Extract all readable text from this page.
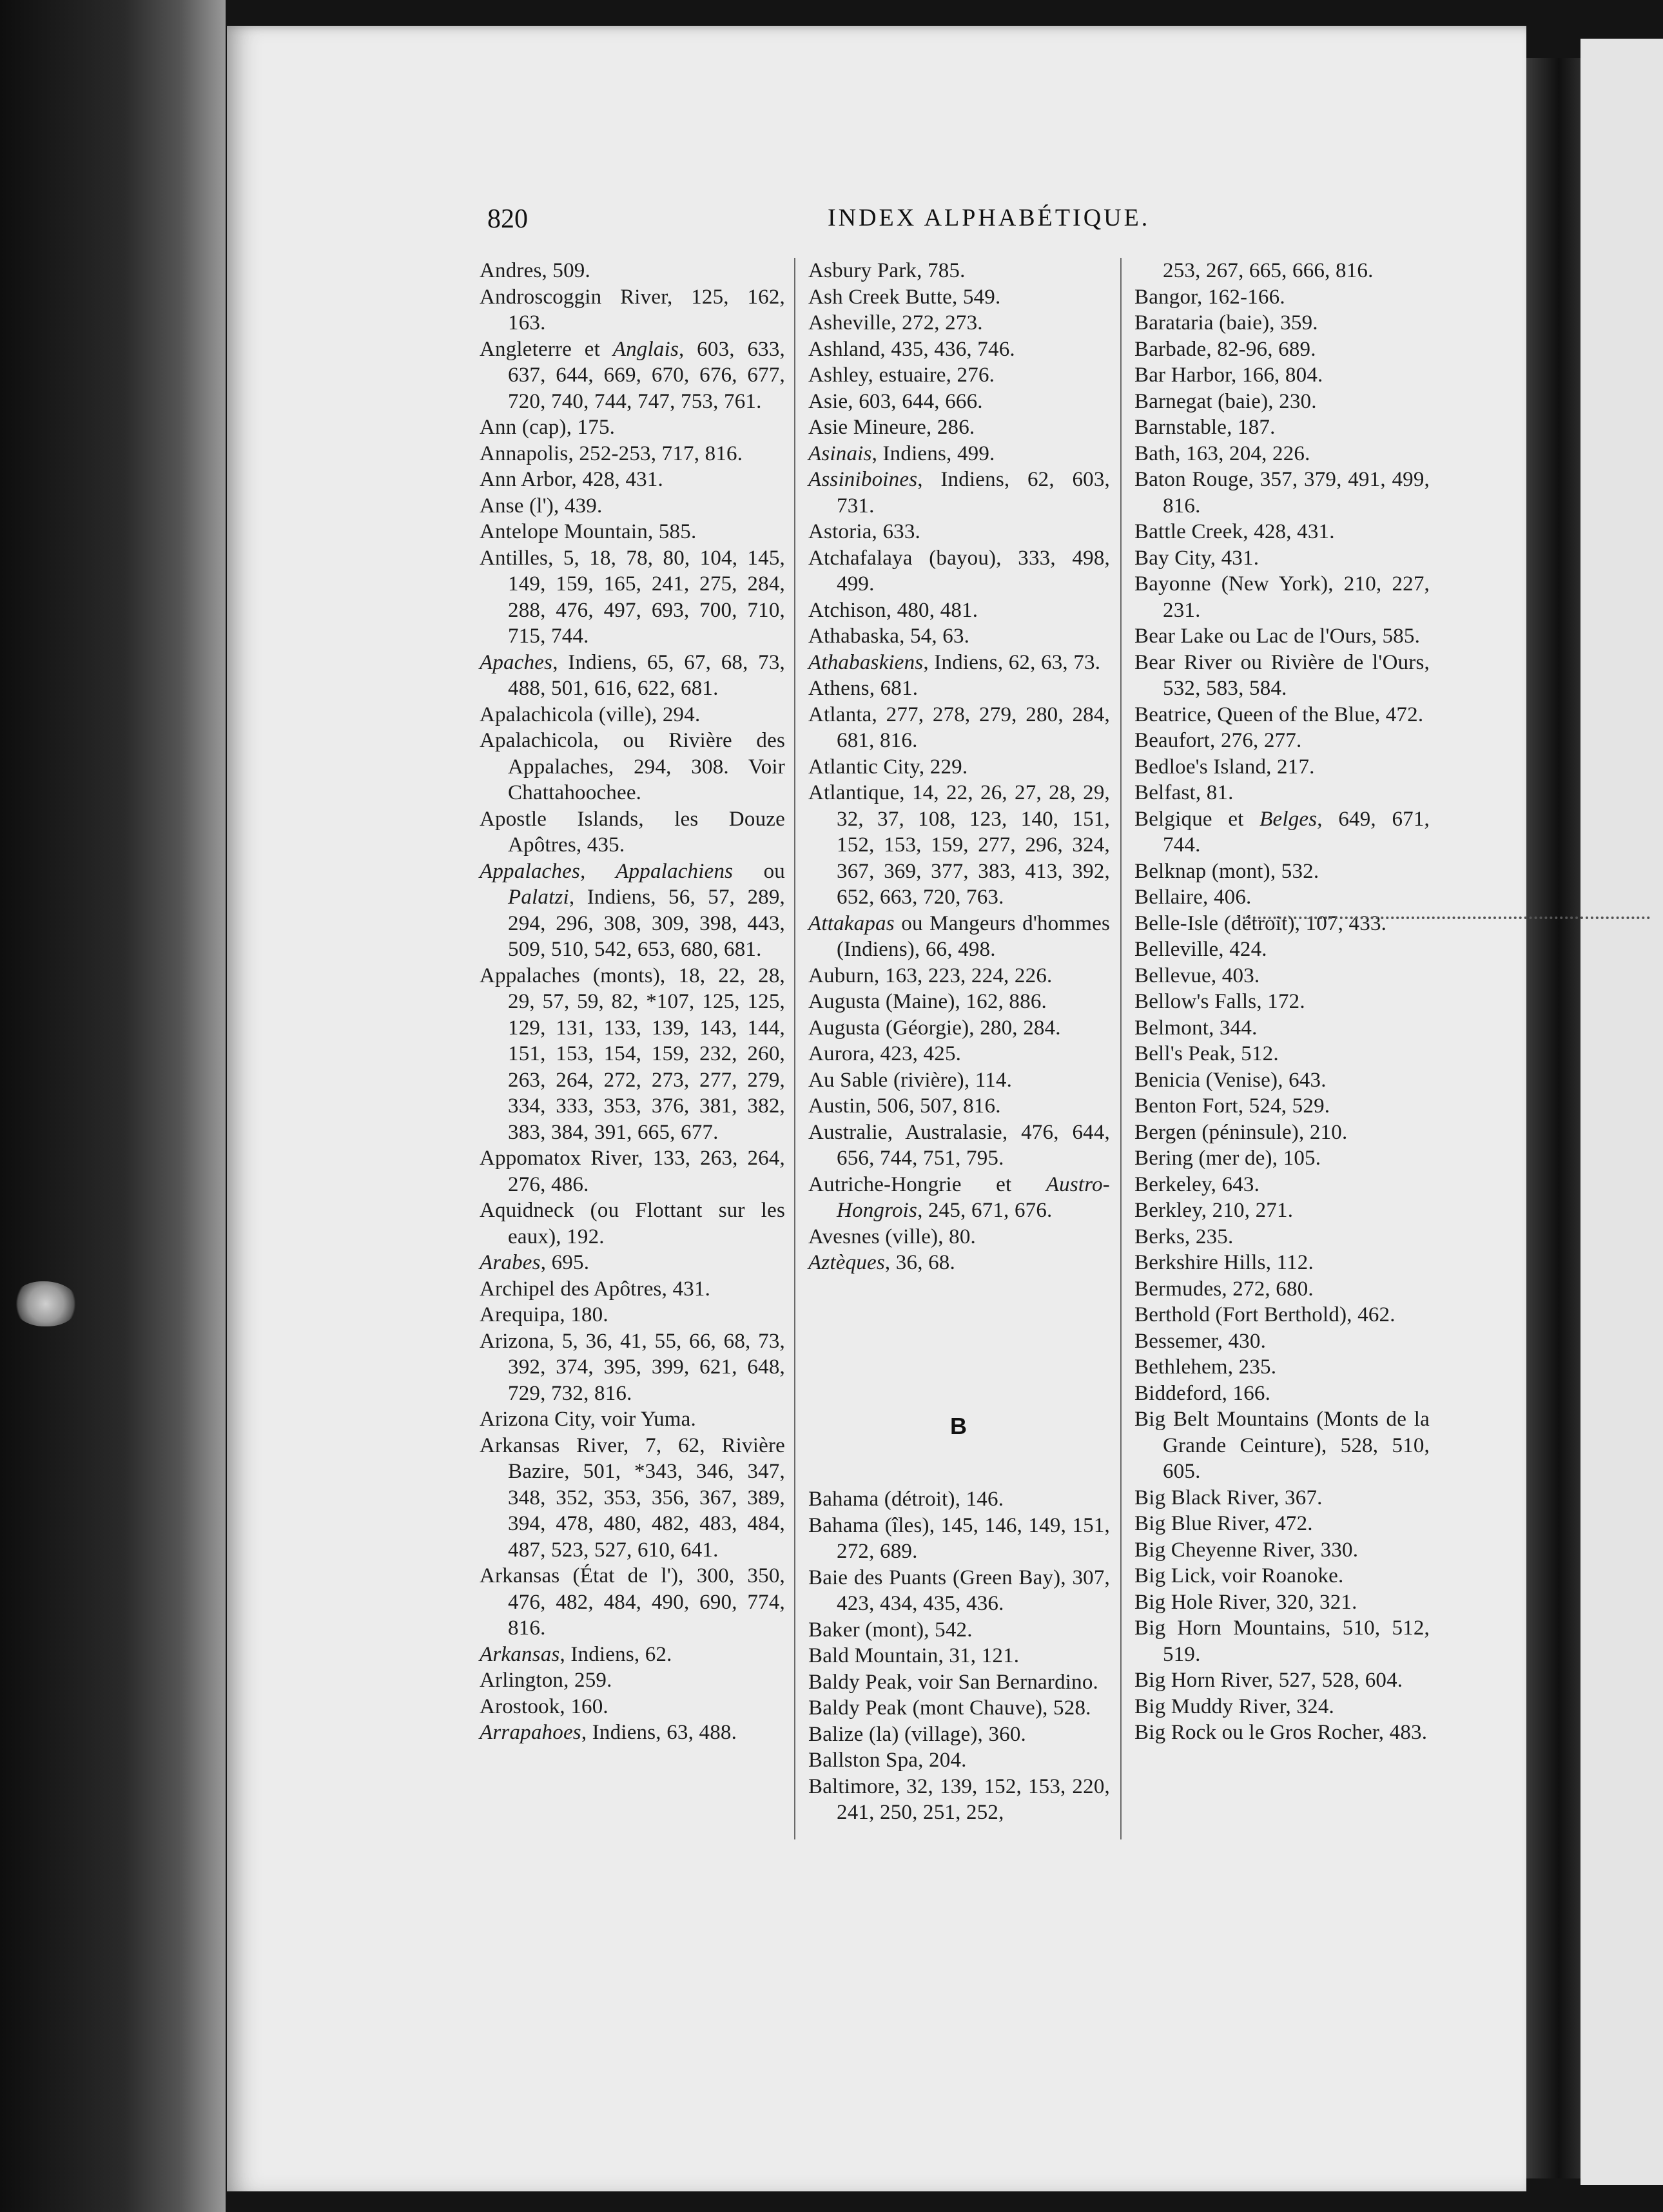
820	INDEX ALPHABÉTIQUE.
Andres, 509.
Androscoggin River, 125, 162, 163.
Angleterre et Anglais, 603, 633, 637, 644, 669, 670, 676, 677, 720, 740, 744, 747, 753, 761.
Ann (cap), 175.
Annapolis, 252-253, 717, 816.
Ann Arbor, 428, 431.
Anse (l'), 439.
Antelope Mountain, 585.
Antilles, 5, 18, 78, 80, 104, 145, 149, 159, 165, 241, 275, 284, 288, 476, 497, 693, 700, 710, 715, 744.
Apaches, Indiens, 65, 67, 68, 73, 488, 501, 616, 622, 681.
Apalachicola (ville), 294.
Apalachicola, ou Rivière des Appalaches, 294, 308. Voir Chattahoochee.
Apostle Islands, les Douze Apôtres, 435.
Appalaches, Appalachiens ou Palatzi, Indiens, 56, 57, 289, 294, 296, 308, 309, 398, 443, 509, 510, 542, 653, 680, 681.
Appalaches (monts), 18, 22, 28, 29, 57, 59, 82, *107, 125, 125, 129, 131, 133, 139, 143, 144, 151, 153, 154, 159, 232, 260, 263, 264, 272, 273, 277, 279, 334, 333, 353, 376, 381, 382, 383, 384, 391, 665, 677.
Appomatox River, 133, 263, 264, 276, 486.
Aquidneck (ou Flottant sur les eaux), 192.
Arabes, 695.
Archipel des Apôtres, 431.
Arequipa, 180.
Arizona, 5, 36, 41, 55, 66, 68, 73, 392, 374, 395, 399, 621, 648, 729, 732, 816.
Arizona City, voir Yuma.
Arkansas River, 7, 62, Rivière Bazire, 501, *343, 346, 347, 348, 352, 353, 356, 367, 389, 394, 478, 480, 482, 483, 484, 487, 523, 527, 610, 641.
Arkansas (État de l'), 300, 350, 476, 482, 484, 490, 690, 774, 816.
Arkansas, Indiens, 62.
Arlington, 259.
Arostook, 160.
Arrapahoes, Indiens, 63, 488.
Asbury Park, 785.
Ash Creek Butte, 549.
Asheville, 272, 273.
Ashland, 435, 436, 746.
Ashley, estuaire, 276.
Asie, 603, 644, 666.
Asie Mineure, 286.
Asinais, Indiens, 499.
Assiniboines, Indiens, 62, 603, 731.
Astoria, 633.
Atchafalaya (bayou), 333, 498, 499.
Atchison, 480, 481.
Athabaska, 54, 63.
Athabaskiens, Indiens, 62, 63, 73.
Athens, 681.
Atlanta, 277, 278, 279, 280, 284, 681, 816.
Atlantic City, 229.
Atlantique, 14, 22, 26, 27, 28, 29, 32, 37, 108, 123, 140, 151, 152, 153, 159, 277, 296, 324, 367, 369, 377, 383, 413, 392, 652, 663, 720, 763.
Attakapas ou Mangeurs d'hommes (Indiens), 66, 498.
Auburn, 163, 223, 224, 226.
Augusta (Maine), 162, 886.
Augusta (Géorgie), 280, 284.
Aurora, 423, 425.
Au Sable (rivière), 114.
Austin, 506, 507, 816.
Australie, Australasie, 476, 644, 656, 744, 751, 795.
Autriche-Hongrie et Austro-Hongrois, 245, 671, 676.
Avesnes (ville), 80.
Aztèques, 36, 68.
B
Bahama (détroit), 146.
Bahama (îles), 145, 146, 149, 151, 272, 689.
Baie des Puants (Green Bay), 307, 423, 434, 435, 436.
Baker (mont), 542.
Bald Mountain, 31, 121.
Baldy Peak, voir San Bernardino.
Baldy Peak (mont Chauve), 528.
Balize (la) (village), 360.
Ballston Spa, 204.
Baltimore, 32, 139, 152, 153, 220, 241, 250, 251, 252,
253, 267, 665, 666, 816.
Bangor, 162-166.
Barataria (baie), 359.
Barbade, 82-96, 689.
Bar Harbor, 166, 804.
Barnegat (baie), 230.
Barnstable, 187.
Bath, 163, 204, 226.
Baton Rouge, 357, 379, 491, 499, 816.
Battle Creek, 428, 431.
Bay City, 431.
Bayonne (New York), 210, 227, 231.
Bear Lake ou Lac de l'Ours, 585.
Bear River ou Rivière de l'Ours, 532, 583, 584.
Beatrice, Queen of the Blue, 472.
Beaufort, 276, 277.
Bedloe's Island, 217.
Belfast, 81.
Belgique et Belges, 649, 671, 744.
Belknap (mont), 532.
Bellaire, 406.
Belle-Isle (détroit), 107, 433.
Belleville, 424.
Bellevue, 403.
Bellow's Falls, 172.
Belmont, 344.
Bell's Peak, 512.
Benicia (Venise), 643.
Benton Fort, 524, 529.
Bergen (péninsule), 210.
Bering (mer de), 105.
Berkeley, 643.
Berkley, 210, 271.
Berks, 235.
Berkshire Hills, 112.
Bermudes, 272, 680.
Berthold (Fort Berthold), 462.
Bessemer, 430.
Bethlehem, 235.
Biddeford, 166.
Big Belt Mountains (Monts de la Grande Ceinture), 528, 510, 605.
Big Black River, 367.
Big Blue River, 472.
Big Cheyenne River, 330.
Big Lick, voir Roanoke.
Big Hole River, 320, 321.
Big Horn Mountains, 510, 512, 519.
Big Horn River, 527, 528, 604.
Big Muddy River, 324.
Big Rock ou le Gros Rocher, 483.
